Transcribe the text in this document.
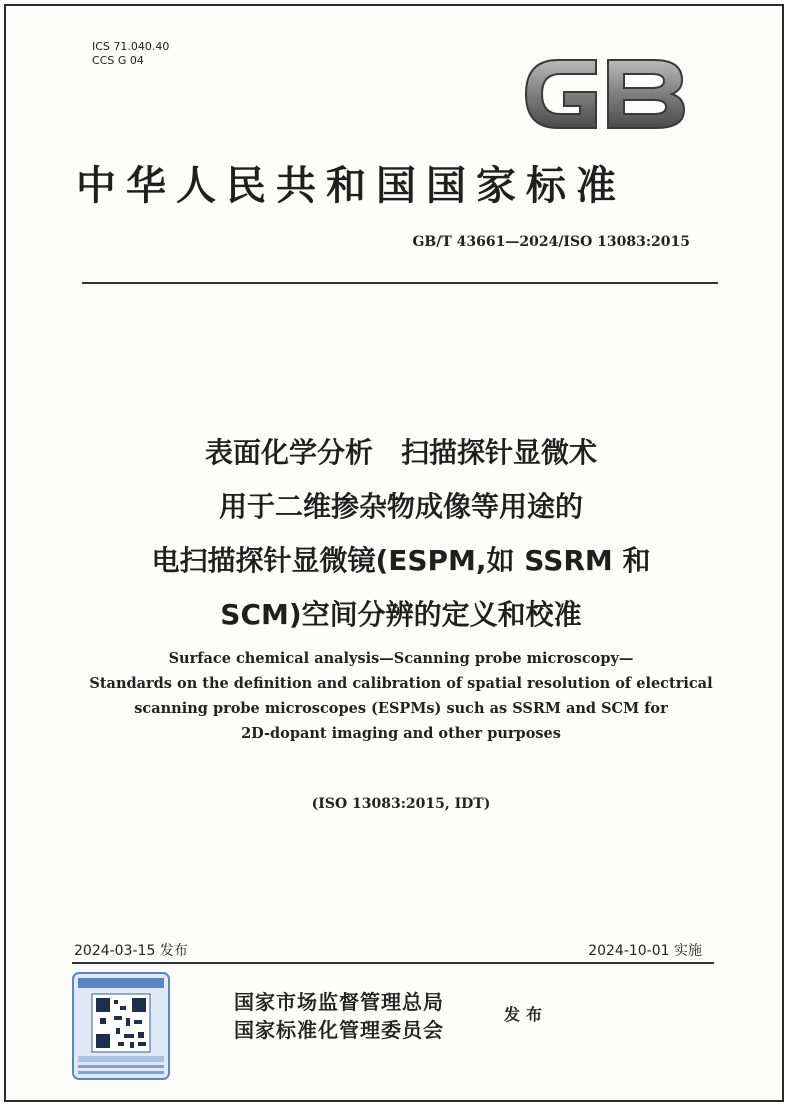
ICS 71.040.40
CCS G 04
中华人民共和国国家标准
GB/T 43661—2024/ISO 13083:2015
表面化学分析　扫描探针显微术
用于二维掺杂物成像等用途的
电扫描探针显微镜(ESPM,如 SSRM 和
SCM)空间分辨的定义和校准
Surface chemical analysis—Scanning probe microscopy—
Standards on the definition and calibration of spatial resolution of electrical
scanning probe microscopes (ESPMs) such as SSRM and SCM for
2D-dopant imaging and other purposes
(ISO 13083:2015, IDT)
2024-03-15 发布	2024-10-01 实施
国家市场监督管理总局
国家标准化管理委员会
发布
